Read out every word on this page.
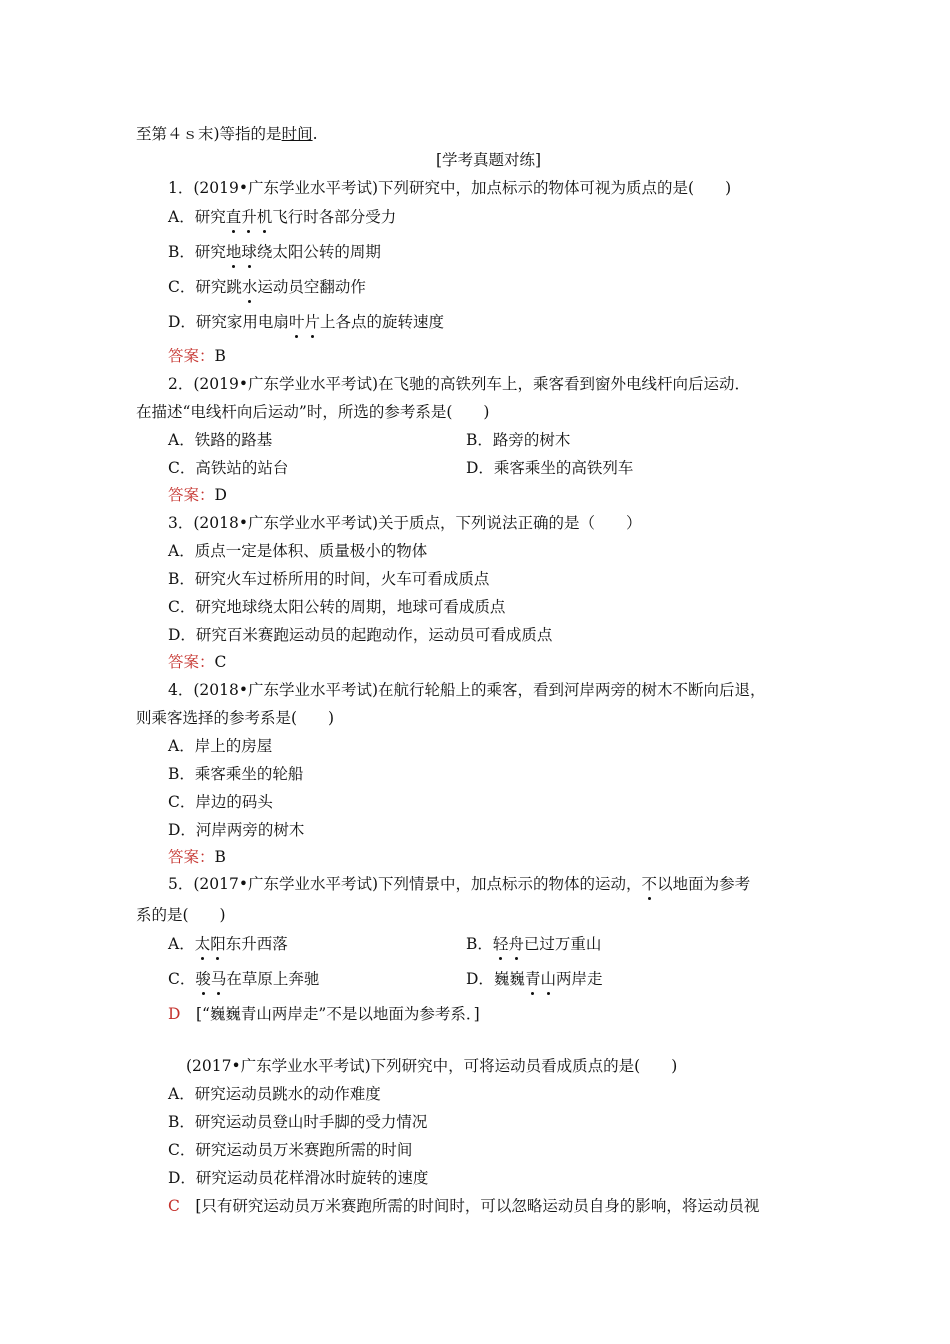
至第４ｓ末)等指的是时间.
[学考真题对练]
1．(2019•广东学业水平考试)下列研究中，加点标示的物体可视为质点的是(　　)
A．研究直升机飞行时各部分受力
B．研究地球绕太阳公转的周期
C．研究跳水运动员空翻动作
D．研究家用电扇叶片上各点的旋转速度
答案：B
2．(2019•广东学业水平考试)在飞驰的高铁列车上，乘客看到窗外电线杆向后运动．
在描述“电线杆向后运动”时，所选的参考系是(　　)
A．铁路的路基	B．路旁的树木
C．高铁站的站台	D．乘客乘坐的高铁列车
答案：D
3．(2018•广东学业水平考试)关于质点，下列说法正确的是（　　）
A．质点一定是体积、质量极小的物体
B．研究火车过桥所用的时间，火车可看成质点
C．研究地球绕太阳公转的周期，地球可看成质点
D．研究百米赛跑运动员的起跑动作，运动员可看成质点
答案：C
4．(2018•广东学业水平考试)在航行轮船上的乘客，看到河岸两旁的树木不断向后退，
则乘客选择的参考系是(　　)
A．岸上的房屋
B．乘客乘坐的轮船
C．岸边的码头
D．河岸两旁的树木
答案：B
5．(2017•广东学业水平考试)下列情景中，加点标示的物体的运动，不以地面为参考
系的是(　　)
A．太阳东升西落	B．轻舟已过万重山
C．骏马在草原上奔驰	D．巍巍青山两岸走
D  [“巍巍青山两岸走”不是以地面为参考系．]
(2017•广东学业水平考试)下列研究中，可将运动员看成质点的是(　　)
A．研究运动员跳水的动作难度
B．研究运动员登山时手脚的受力情况
C．研究运动员万米赛跑所需的时间
D．研究运动员花样滑冰时旋转的速度
C  [只有研究运动员万米赛跑所需的时间时，可以忽略运动员自身的影响，将运动员视
